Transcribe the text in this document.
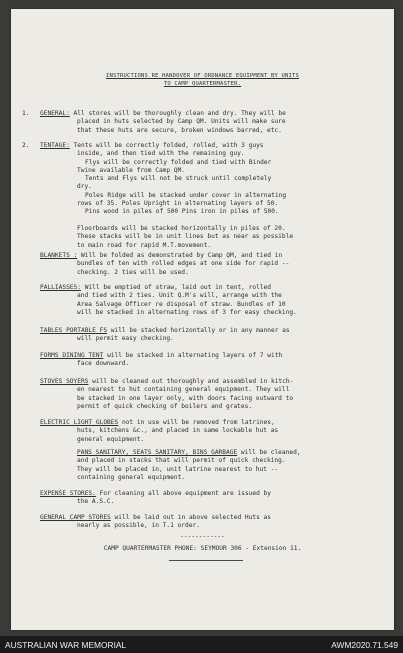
INSTRUCTIONS RE HANDOVER OF ORDNANCE EQUIPMENT BY UNITS
TO CAMP QUARTERMASTER.
1. GENERAL: All stores will be thoroughly clean and dry. They will be
placed in huts selected by Camp QM. Units will make sure
that these huts are secure, broken windows barred, etc.
2. TENTAGE: Tents will be correctly folded, rolled, with 3 guys
inside, and then tied with the remaining guy.
Flys will be correctly folded and tied with Binder
Twine available from Camp QM.
Tents and Flys will not be struck until completely
dry.
Poles Ridge will be stacked under cover in alternating
rows of 35. Poles Upright in alternating layers of 50.
Pins wood in piles of 500 Pins iron in piles of 500.
Floorboards will be stacked horizontally in piles of 20.
These stacks will be in unit lines but as near as possible
to main road for rapid M.T.movement.
BLANKETS : Will be folded as demonstrated by Camp QM, and tied in
bundles of ten with rolled edges at one side for rapid --
checking. 2 ties will be used.
PALLIASSES: Will be emptied of straw, laid out in tent, rolled
and tied with 2 ties. Unit Q.M's will, arrange with the
Area Salvage Officer re disposal of straw. Bundles of 10
will be stacked in alternating rows of 3 for easy checking.
TABLES PORTABLE FS will be stacked horizontally or in any manner as
will permit easy checking.
FORMS DINING TENT will be stacked in alternating layers of 7 with
face downward.
STOVES SOYERS will be cleaned out thoroughly and assembled in kitch-
en nearest to hut containing general equipment. They will
be stacked in one layer only, with doors facing outward to
permit of quick checking of boilers and grates.
ELECTRIC LIGHT GLOBES not in use will be removed from latrines,
huts, kitchens &c., and placed in same lockable hut as
general equipment.
PANS SANITARY, SEATS SANITARY, BINS GARBAGE will be cleaned,
and placed in stacks that will permit of quick checking.
They will be placed in, unit latrine nearest to hut --
containing general equipment.
EXPENSE STORES. For cleaning all above equipment are issued by
the A.S.C.
GENERAL CAMP STORES will be laid out in above selected Huts as
nearly as possible, in T.1 order.
------------
CAMP QUARTERMASTER PHONE: SEYMOUR 306 - Extension 11.
AUSTRALIAN WAR MEMORIAL	AWM2020.71.549
